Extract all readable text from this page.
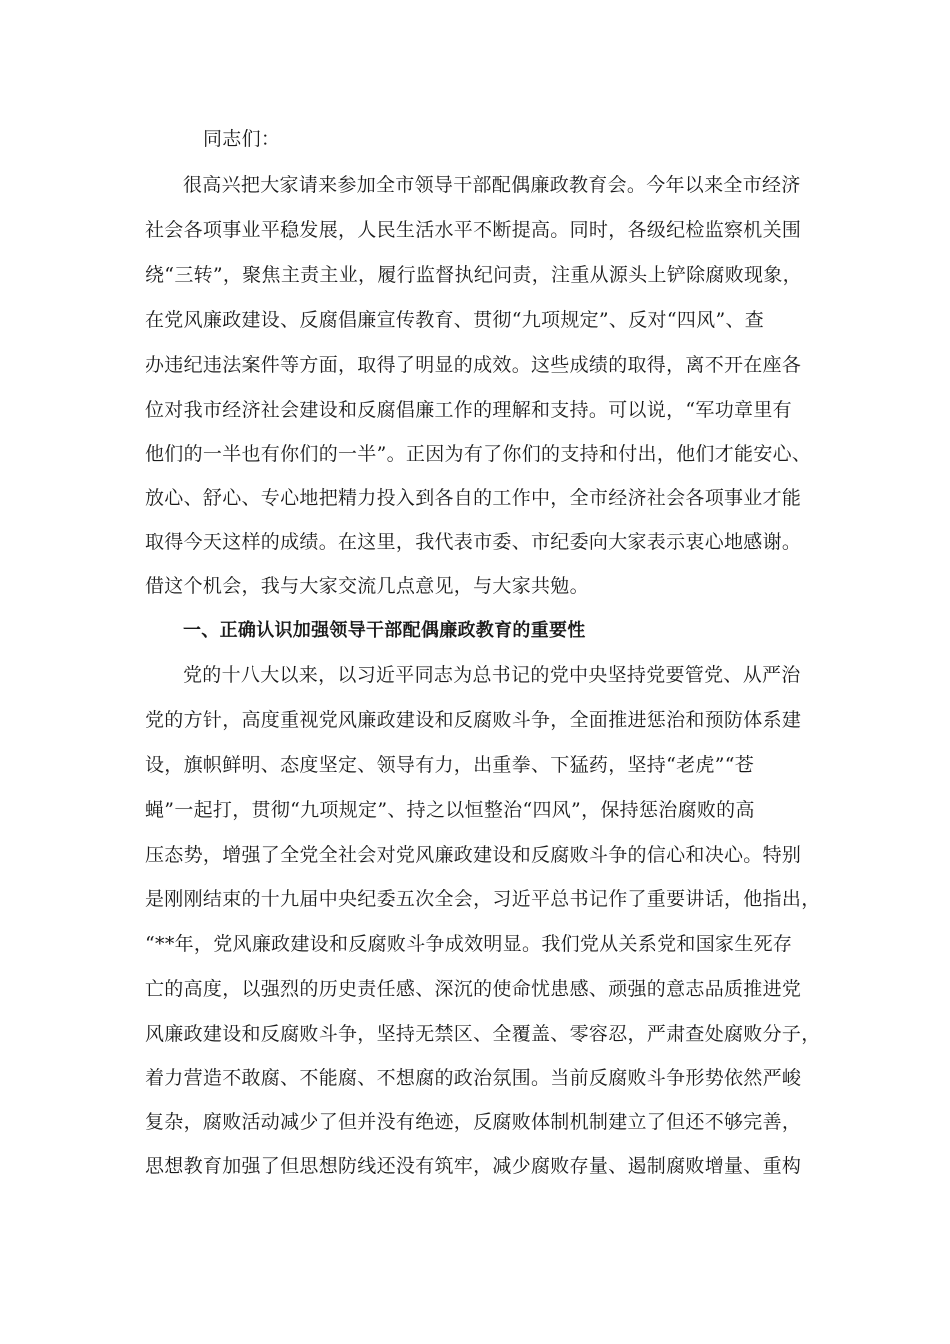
同志们：
很高兴把大家请来参加全市领导干部配偶廉政教育会。今年以来全市经济
社会各项事业平稳发展，人民生活水平不断提高。同时，各级纪检监察机关围
绕“三转”，聚焦主责主业，履行监督执纪问责，注重从源头上铲除腐败现象，
在党风廉政建设、反腐倡廉宣传教育、贯彻“九项规定”、反对“四风”、查
办违纪违法案件等方面，取得了明显的成效。这些成绩的取得，离不开在座各
位对我市经济社会建设和反腐倡廉工作的理解和支持。可以说，“军功章里有
他们的一半也有你们的一半”。正因为有了你们的支持和付出，他们才能安心、
放心、舒心、专心地把精力投入到各自的工作中，全市经济社会各项事业才能
取得今天这样的成绩。在这里，我代表市委、市纪委向大家表示衷心地感谢。
借这个机会，我与大家交流几点意见，与大家共勉。
一、正确认识加强领导干部配偶廉政教育的重要性
党的十八大以来，以习近平同志为总书记的党中央坚持党要管党、从严治
党的方针，高度重视党风廉政建设和反腐败斗争，全面推进惩治和预防体系建
设，旗帜鲜明、态度坚定、领导有力，出重拳、下猛药，坚持“老虎”“苍
蝇”一起打，贯彻“九项规定”、持之以恒整治“四风”，保持惩治腐败的高
压态势，增强了全党全社会对党风廉政建设和反腐败斗争的信心和决心。特别
是刚刚结束的十九届中央纪委五次全会，习近平总书记作了重要讲话，他指出，
“**年，党风廉政建设和反腐败斗争成效明显。我们党从关系党和国家生死存
亡的高度，以强烈的历史责任感、深沉的使命忧患感、顽强的意志品质推进党
风廉政建设和反腐败斗争，坚持无禁区、全覆盖、零容忍，严肃查处腐败分子，
着力营造不敢腐、不能腐、不想腐的政治氛围。当前反腐败斗争形势依然严峻
复杂，腐败活动减少了但并没有绝迹，反腐败体制机制建立了但还不够完善，
思想教育加强了但思想防线还没有筑牢，减少腐败存量、遏制腐败增量、重构
